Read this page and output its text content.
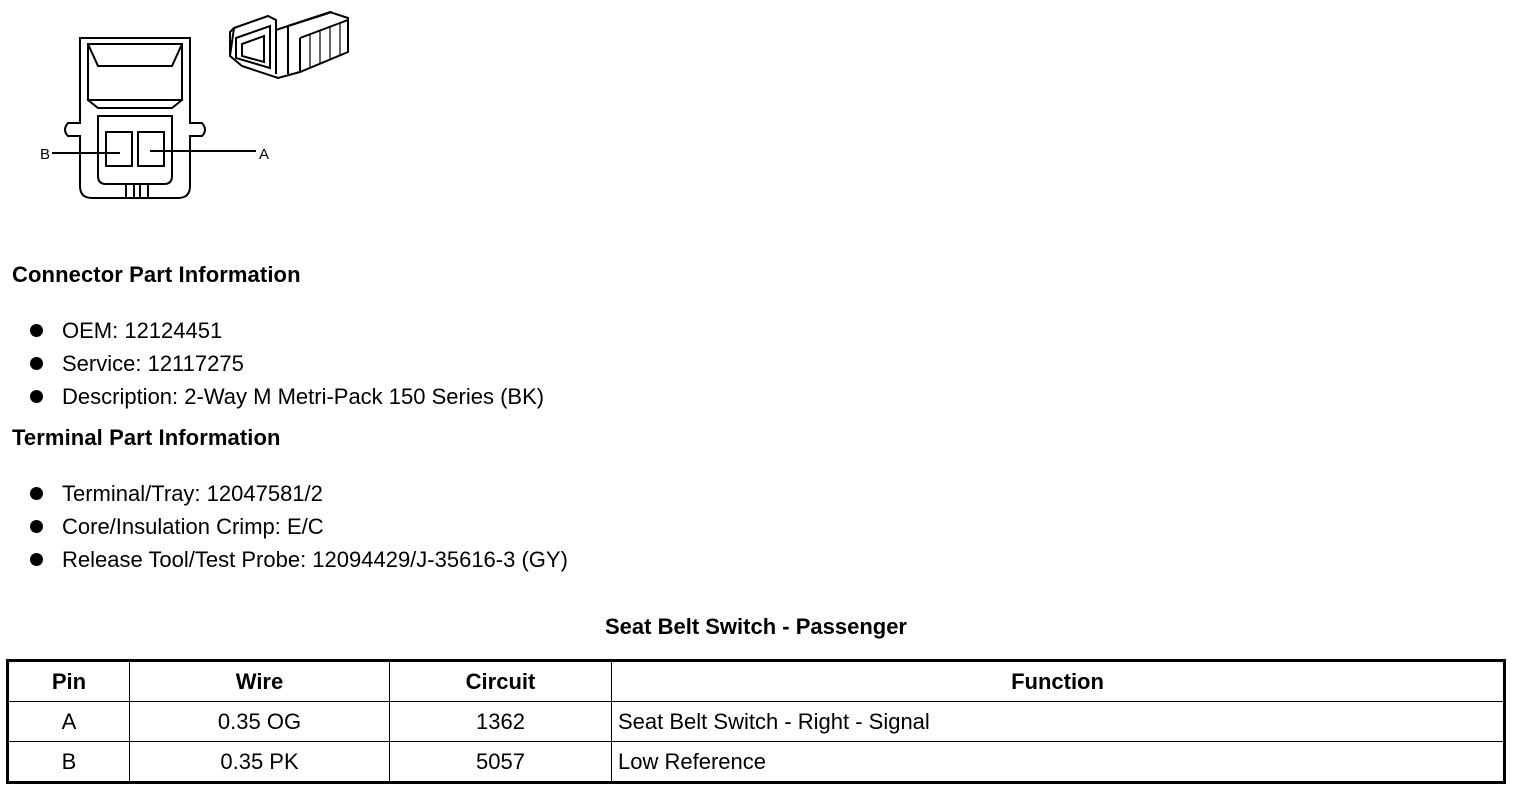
B	A
Connector Part Information
OEM: 12124451
Service: 12117275
Description: 2-Way M Metri-Pack 150 Series (BK)
Terminal Part Information
Terminal/Tray: 12047581/2
Core/Insulation Crimp: E/C
Release Tool/Test Probe: 12094429/J-35616-3 (GY)
Seat Belt Switch - Passenger
Pin	Wire	Circuit	Function
A	0.35 OG	1362	Seat Belt Switch - Right - Signal
B	0.35 PK	5057	Low Reference
